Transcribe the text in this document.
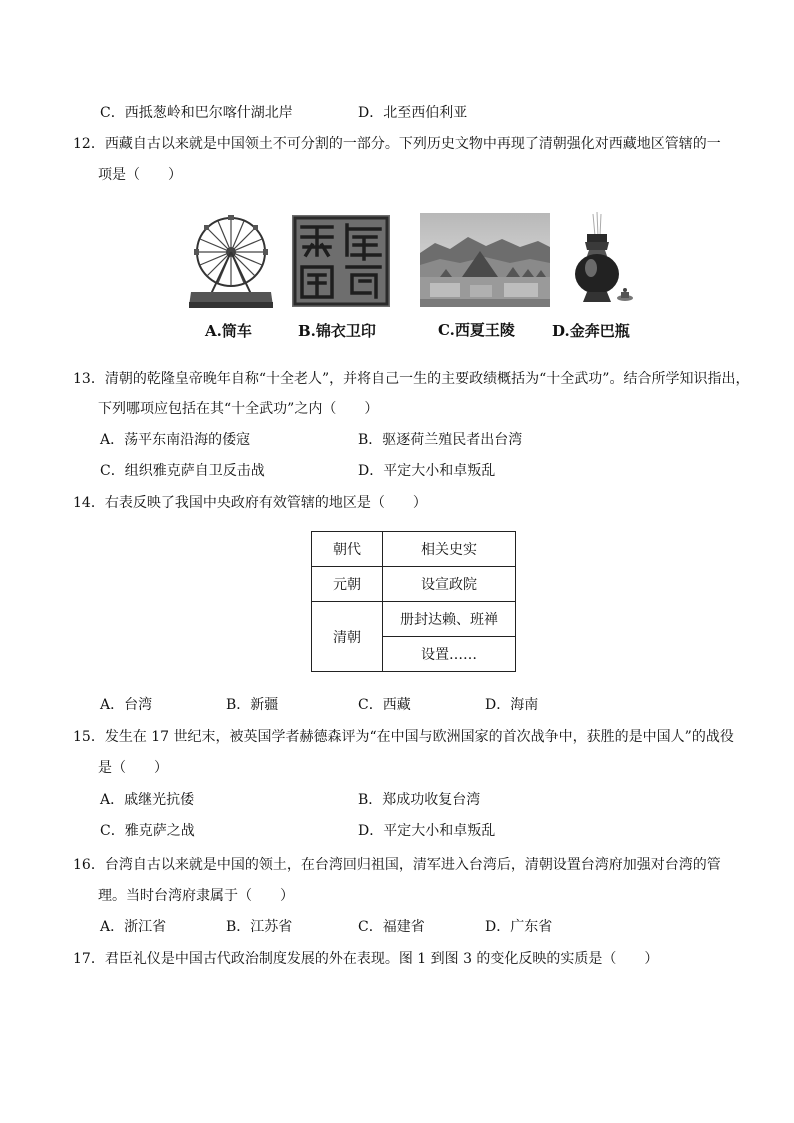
C．西抵葱岭和巴尔喀什湖北岸	D．北至西伯利亚
12．西藏自古以来就是中国领土不可分割的一部分。下列历史文物中再现了清朝强化对西藏地区管辖的一
项是（　　）
A.筒车	B.锦衣卫印	C.西夏王陵 D.金奔巴瓶
13．清朝的乾隆皇帝晚年自称“十全老人”，并将自己一生的主要政绩概括为“十全武功”。结合所学知识指出，
下列哪项应包括在其“十全武功”之内（　　）
A．荡平东南沿海的倭寇	B．驱逐荷兰殖民者出台湾
C．组织雅克萨自卫反击战	D．平定大小和卓叛乱
14．右表反映了我国中央政府有效管辖的地区是（　　）
朝代	相关史实
元朝	设宣政院
清朝	册封达赖、班禅
	设置……
A．台湾	B．新疆	C．西藏	D．海南
15．发生在 17 世纪末，被英国学者赫德森评为“在中国与欧洲国家的首次战争中，获胜的是中国人”的战役
是（　　）
A．戚继光抗倭	B．郑成功收复台湾
C．雅克萨之战	D．平定大小和卓叛乱
16．台湾自古以来就是中国的领土，在台湾回归祖国，清军进入台湾后，清朝设置台湾府加强对台湾的管
理。当时台湾府隶属于（　　）
A．浙江省	B．江苏省	C．福建省	D．广东省
17．君臣礼仪是中国古代政治制度发展的外在表现。图 1 到图 3 的变化反映的实质是（　　）
